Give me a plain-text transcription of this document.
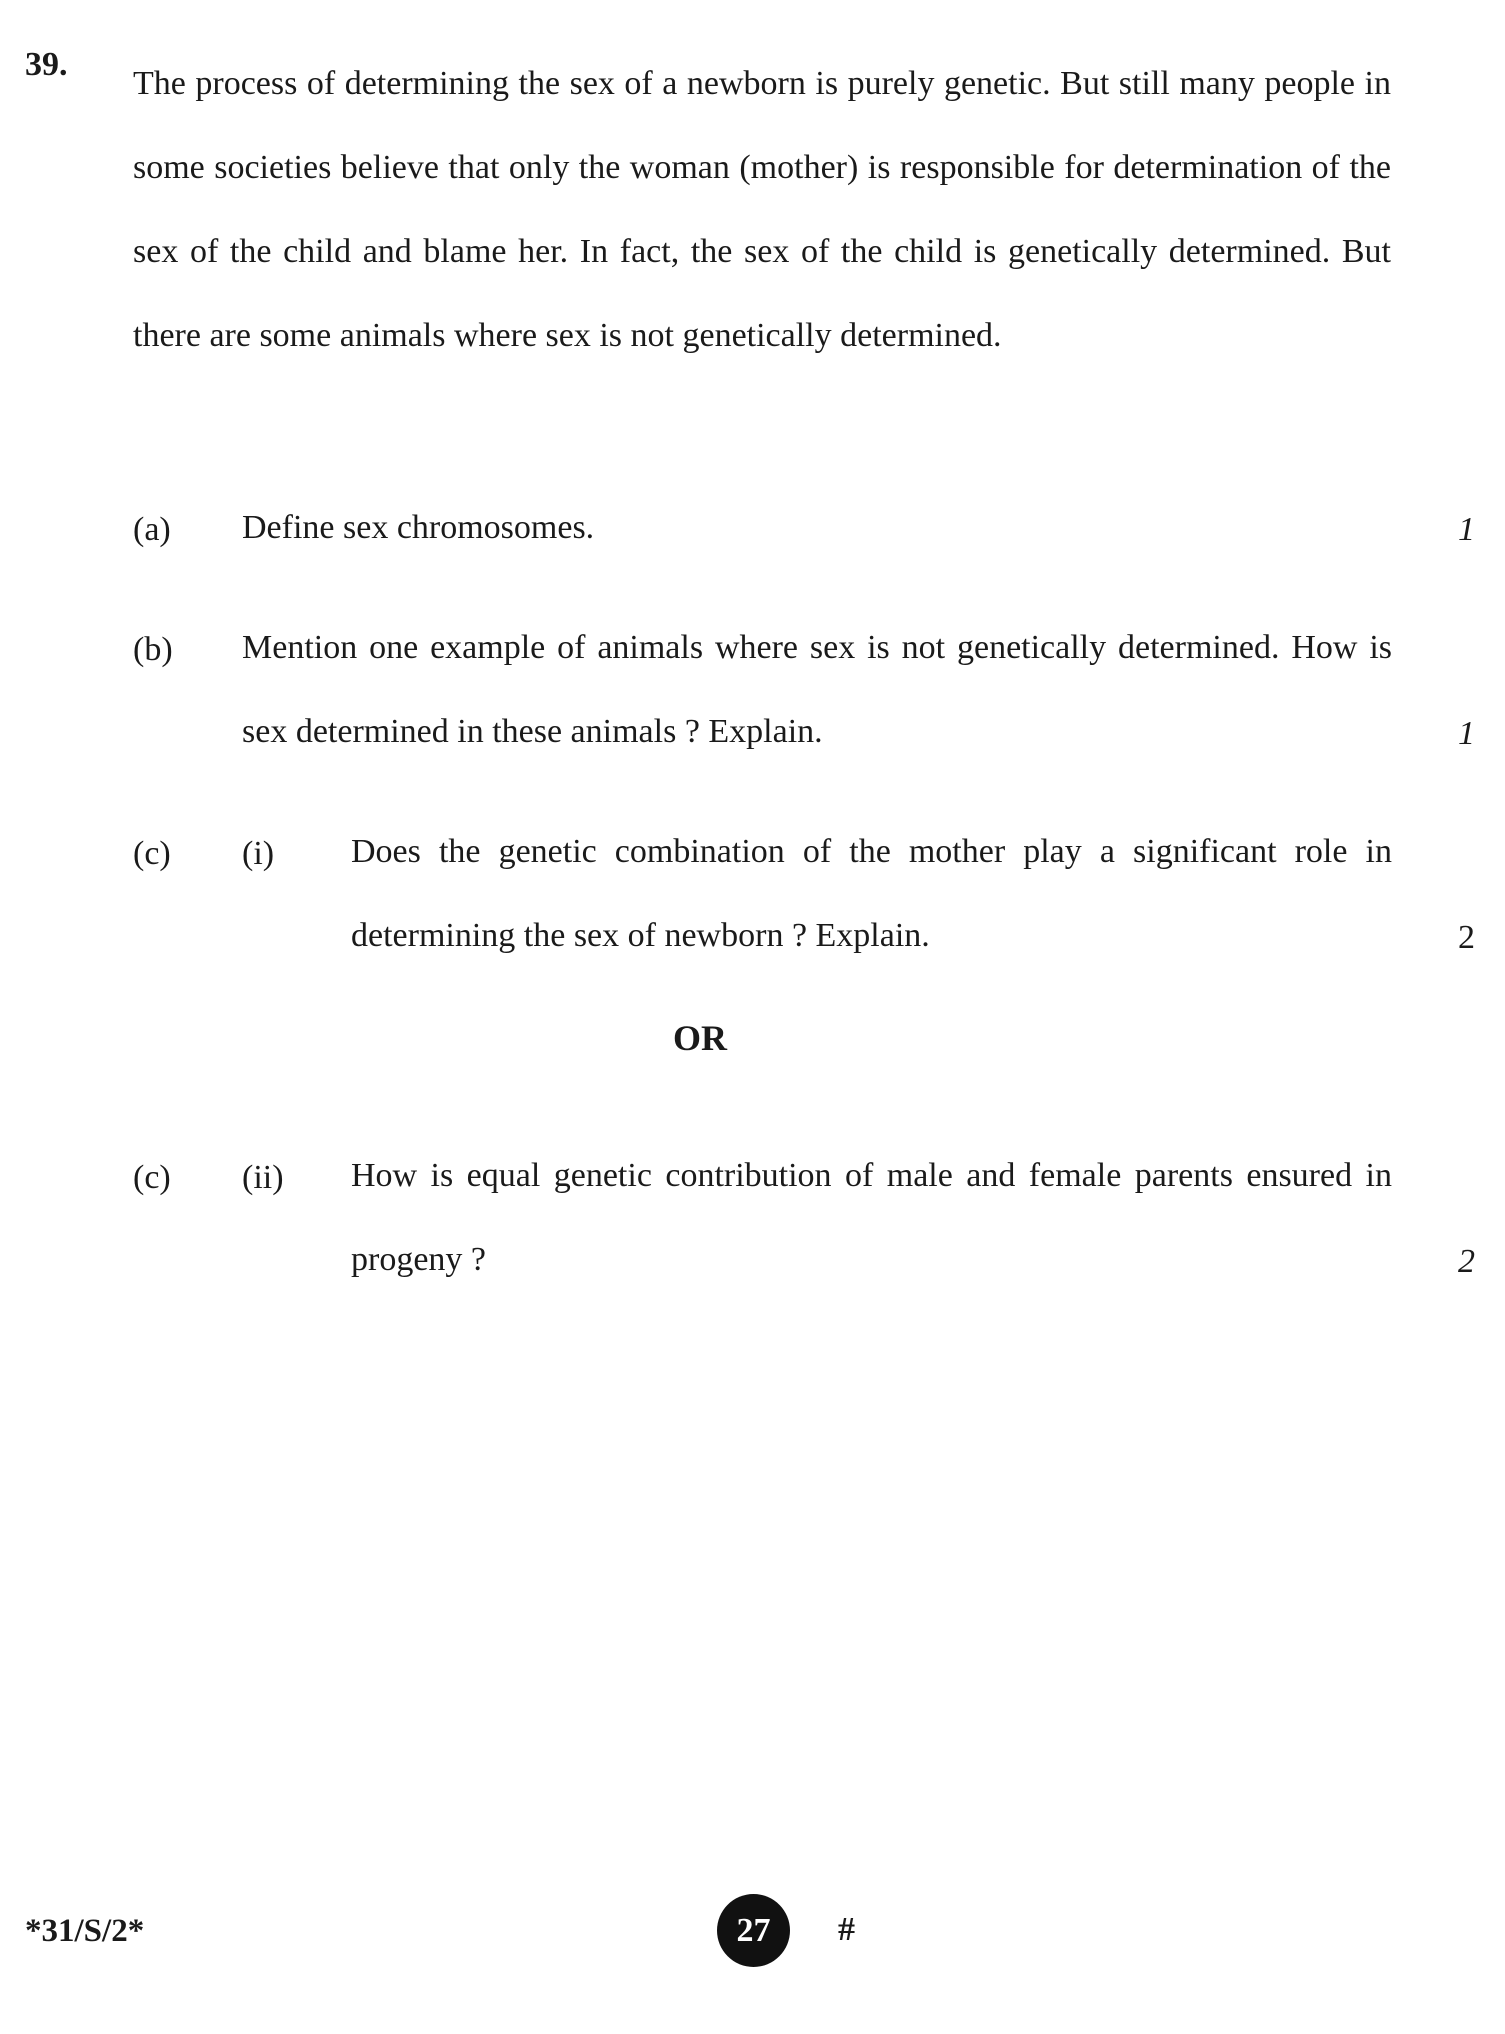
39.

The process of determining the sex of a newborn is purely genetic. But still many people in some societies believe that only the woman (mother) is responsible for determination of the sex of the child and blame her. In fact, the sex of the child is genetically determined. But there are some animals where sex is not genetically determined.

(a) Define sex chromosomes.	1
(b) Mention one example of animals where sex is not genetically determined. How is sex determined in these animals ? Explain.	1
(c) (i) Does the genetic combination of the mother play a significant role in determining the sex of newborn ? Explain.	2
OR
(c) (ii) How is equal genetic contribution of male and female parents ensured in progeny ?	2
*31/S/2*	27 #
